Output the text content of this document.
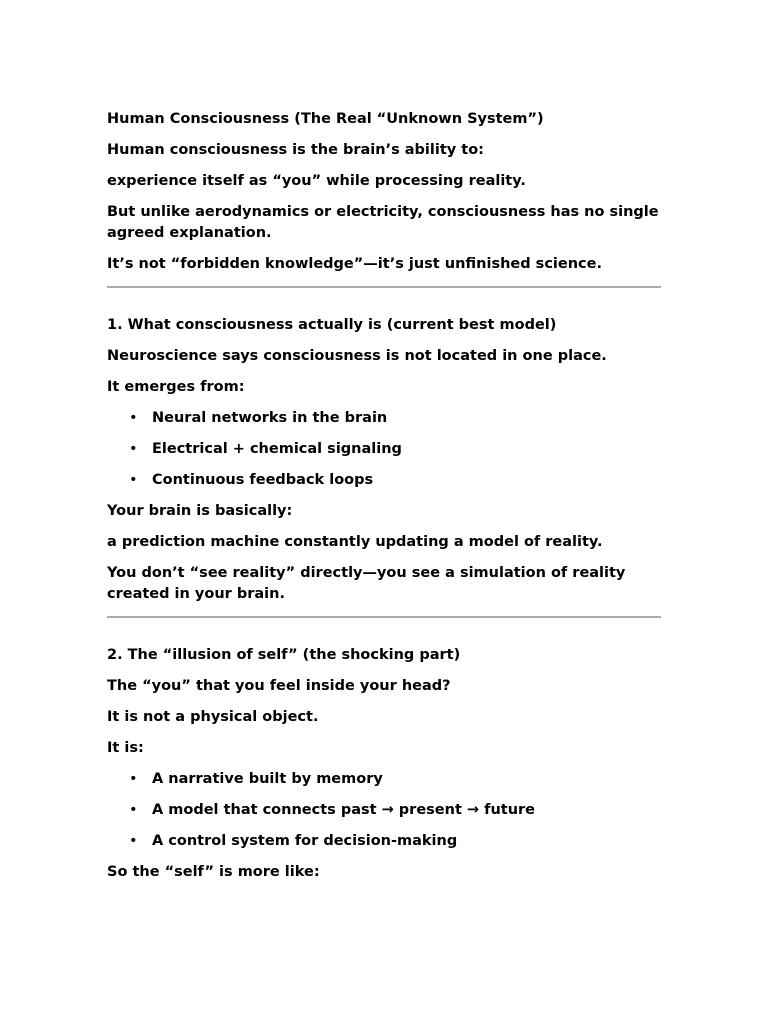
Human Consciousness (The Real “Unknown System”)

Human consciousness is the brain’s ability to:

experience itself as “you” while processing reality.

But unlike aerodynamics or electricity, consciousness has no single agreed explanation.

It’s not “forbidden knowledge”—it’s just unfinished science.

1. What consciousness actually is (current best model)

Neuroscience says consciousness is not located in one place.

It emerges from:

• Neural networks in the brain
• Electrical + chemical signaling
• Continuous feedback loops

Your brain is basically:

a prediction machine constantly updating a model of reality.

You don’t “see reality” directly—you see a simulation of reality created in your brain.

2. The “illusion of self” (the shocking part)

The “you” that you feel inside your head?

It is not a physical object.

It is:

• A narrative built by memory
• A model that connects past → present → future
• A control system for decision-making

So the “self” is more like:
